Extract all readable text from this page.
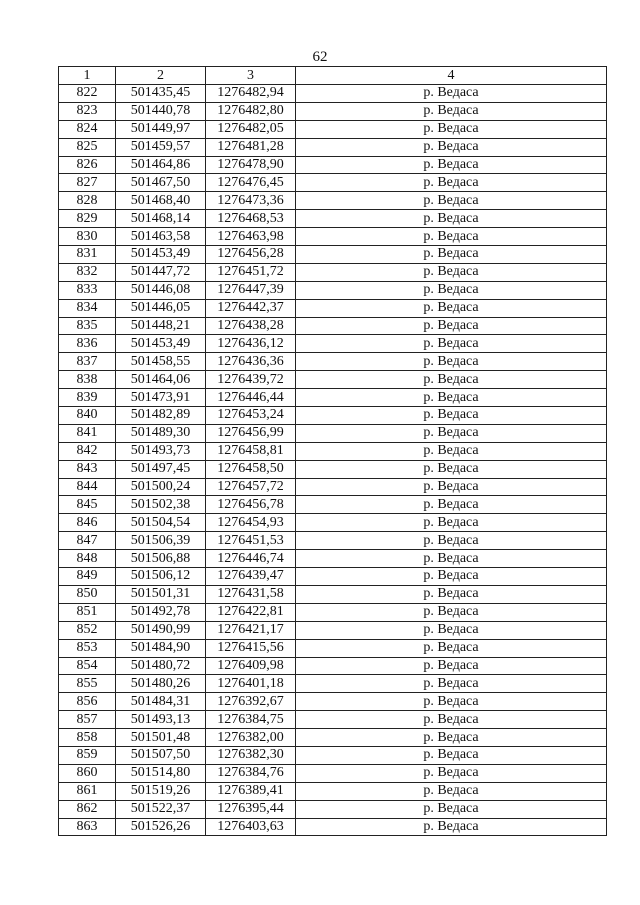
62
1	2	3	4
822	501435,45	1276482,94	р. Ведаса
823	501440,78	1276482,80	р. Ведаса
824	501449,97	1276482,05	р. Ведаса
825	501459,57	1276481,28	р. Ведаса
826	501464,86	1276478,90	р. Ведаса
827	501467,50	1276476,45	р. Ведаса
828	501468,40	1276473,36	р. Ведаса
829	501468,14	1276468,53	р. Ведаса
830	501463,58	1276463,98	р. Ведаса
831	501453,49	1276456,28	р. Ведаса
832	501447,72	1276451,72	р. Ведаса
833	501446,08	1276447,39	р. Ведаса
834	501446,05	1276442,37	р. Ведаса
835	501448,21	1276438,28	р. Ведаса
836	501453,49	1276436,12	р. Ведаса
837	501458,55	1276436,36	р. Ведаса
838	501464,06	1276439,72	р. Ведаса
839	501473,91	1276446,44	р. Ведаса
840	501482,89	1276453,24	р. Ведаса
841	501489,30	1276456,99	р. Ведаса
842	501493,73	1276458,81	р. Ведаса
843	501497,45	1276458,50	р. Ведаса
844	501500,24	1276457,72	р. Ведаса
845	501502,38	1276456,78	р. Ведаса
846	501504,54	1276454,93	р. Ведаса
847	501506,39	1276451,53	р. Ведаса
848	501506,88	1276446,74	р. Ведаса
849	501506,12	1276439,47	р. Ведаса
850	501501,31	1276431,58	р. Ведаса
851	501492,78	1276422,81	р. Ведаса
852	501490,99	1276421,17	р. Ведаса
853	501484,90	1276415,56	р. Ведаса
854	501480,72	1276409,98	р. Ведаса
855	501480,26	1276401,18	р. Ведаса
856	501484,31	1276392,67	р. Ведаса
857	501493,13	1276384,75	р. Ведаса
858	501501,48	1276382,00	р. Ведаса
859	501507,50	1276382,30	р. Ведаса
860	501514,80	1276384,76	р. Ведаса
861	501519,26	1276389,41	р. Ведаса
862	501522,37	1276395,44	р. Ведаса
863	501526,26	1276403,63	р. Ведаса
